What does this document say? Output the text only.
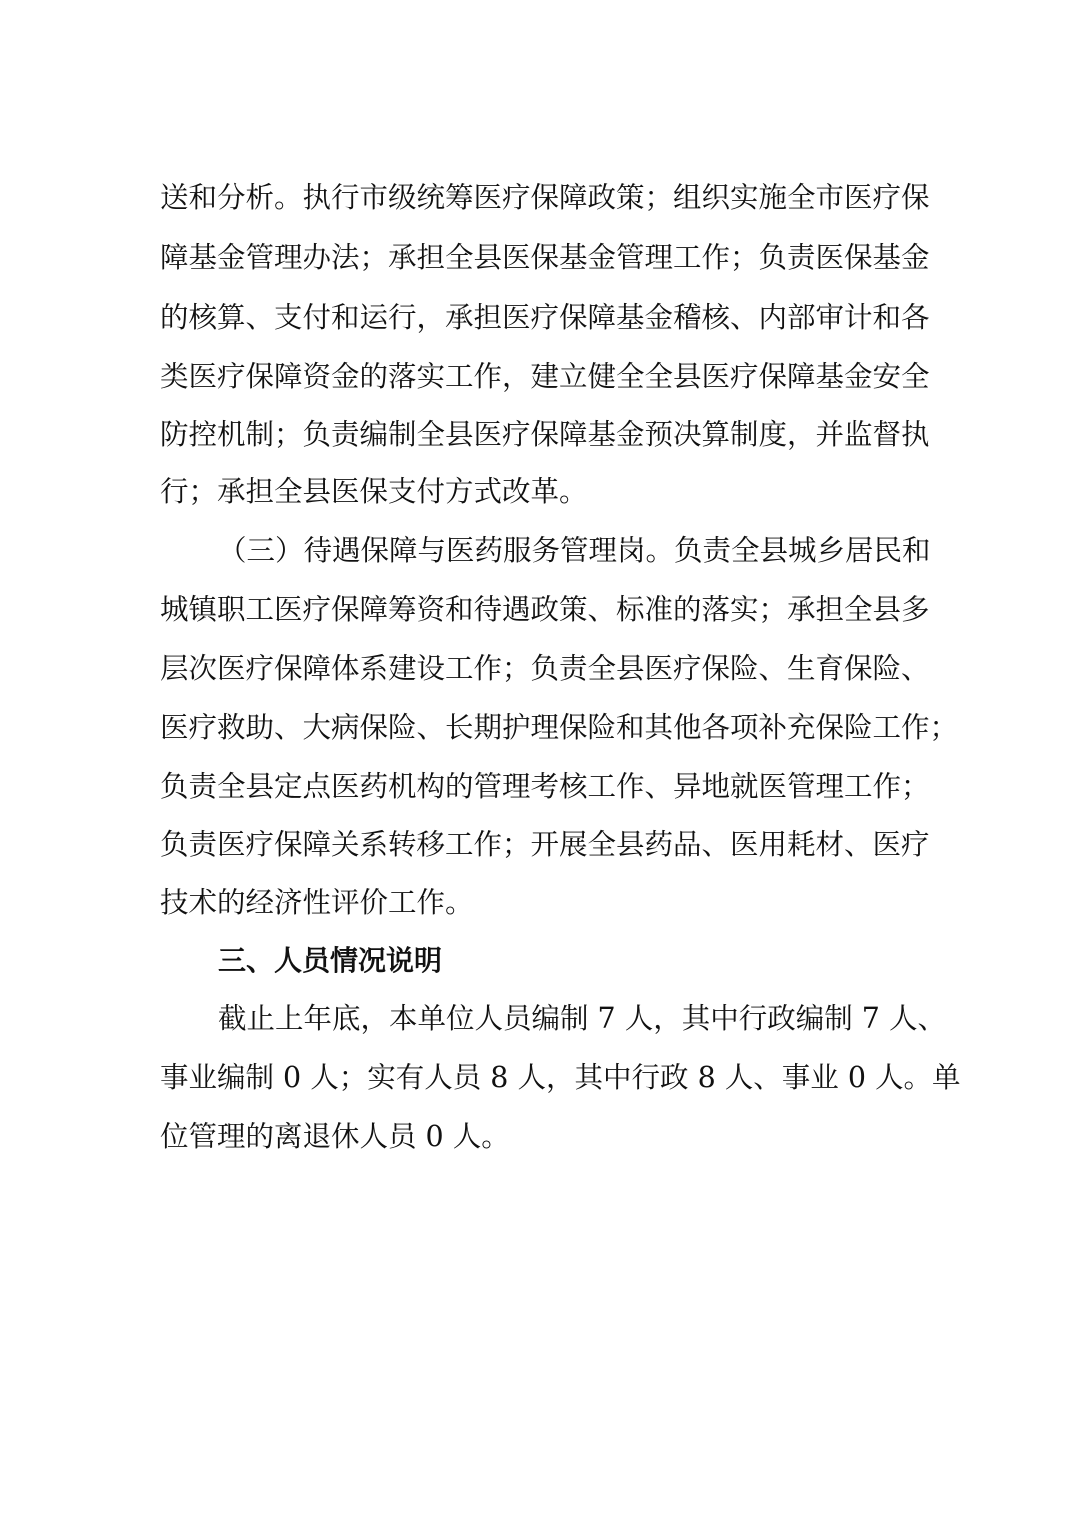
送和分析。执行市级统筹医疗保障政策；组织实施全市医疗保
障基金管理办法；承担全县医保基金管理工作；负责医保基金
的核算、支付和运行，承担医疗保障基金稽核、内部审计和各
类医疗保障资金的落实工作，建立健全全县医疗保障基金安全
防控机制；负责编制全县医疗保障基金预决算制度，并监督执
行；承担全县医保支付方式改革。
（三）待遇保障与医药服务管理岗。负责全县城乡居民和
城镇职工医疗保障筹资和待遇政策、标准的落实；承担全县多
层次医疗保障体系建设工作；负责全县医疗保险、生育保险、
医疗救助、大病保险、长期护理保险和其他各项补充保险工作；
负责全县定点医药机构的管理考核工作、异地就医管理工作；
负责医疗保障关系转移工作；开展全县药品、医用耗材、医疗
技术的经济性评价工作。
三、人员情况说明
截止上年底，本单位人员编制 7 人，其中行政编制 7 人、
事业编制 0 人；实有人员 8 人，其中行政 8 人、事业 0 人。单
位管理的离退休人员 0 人。
